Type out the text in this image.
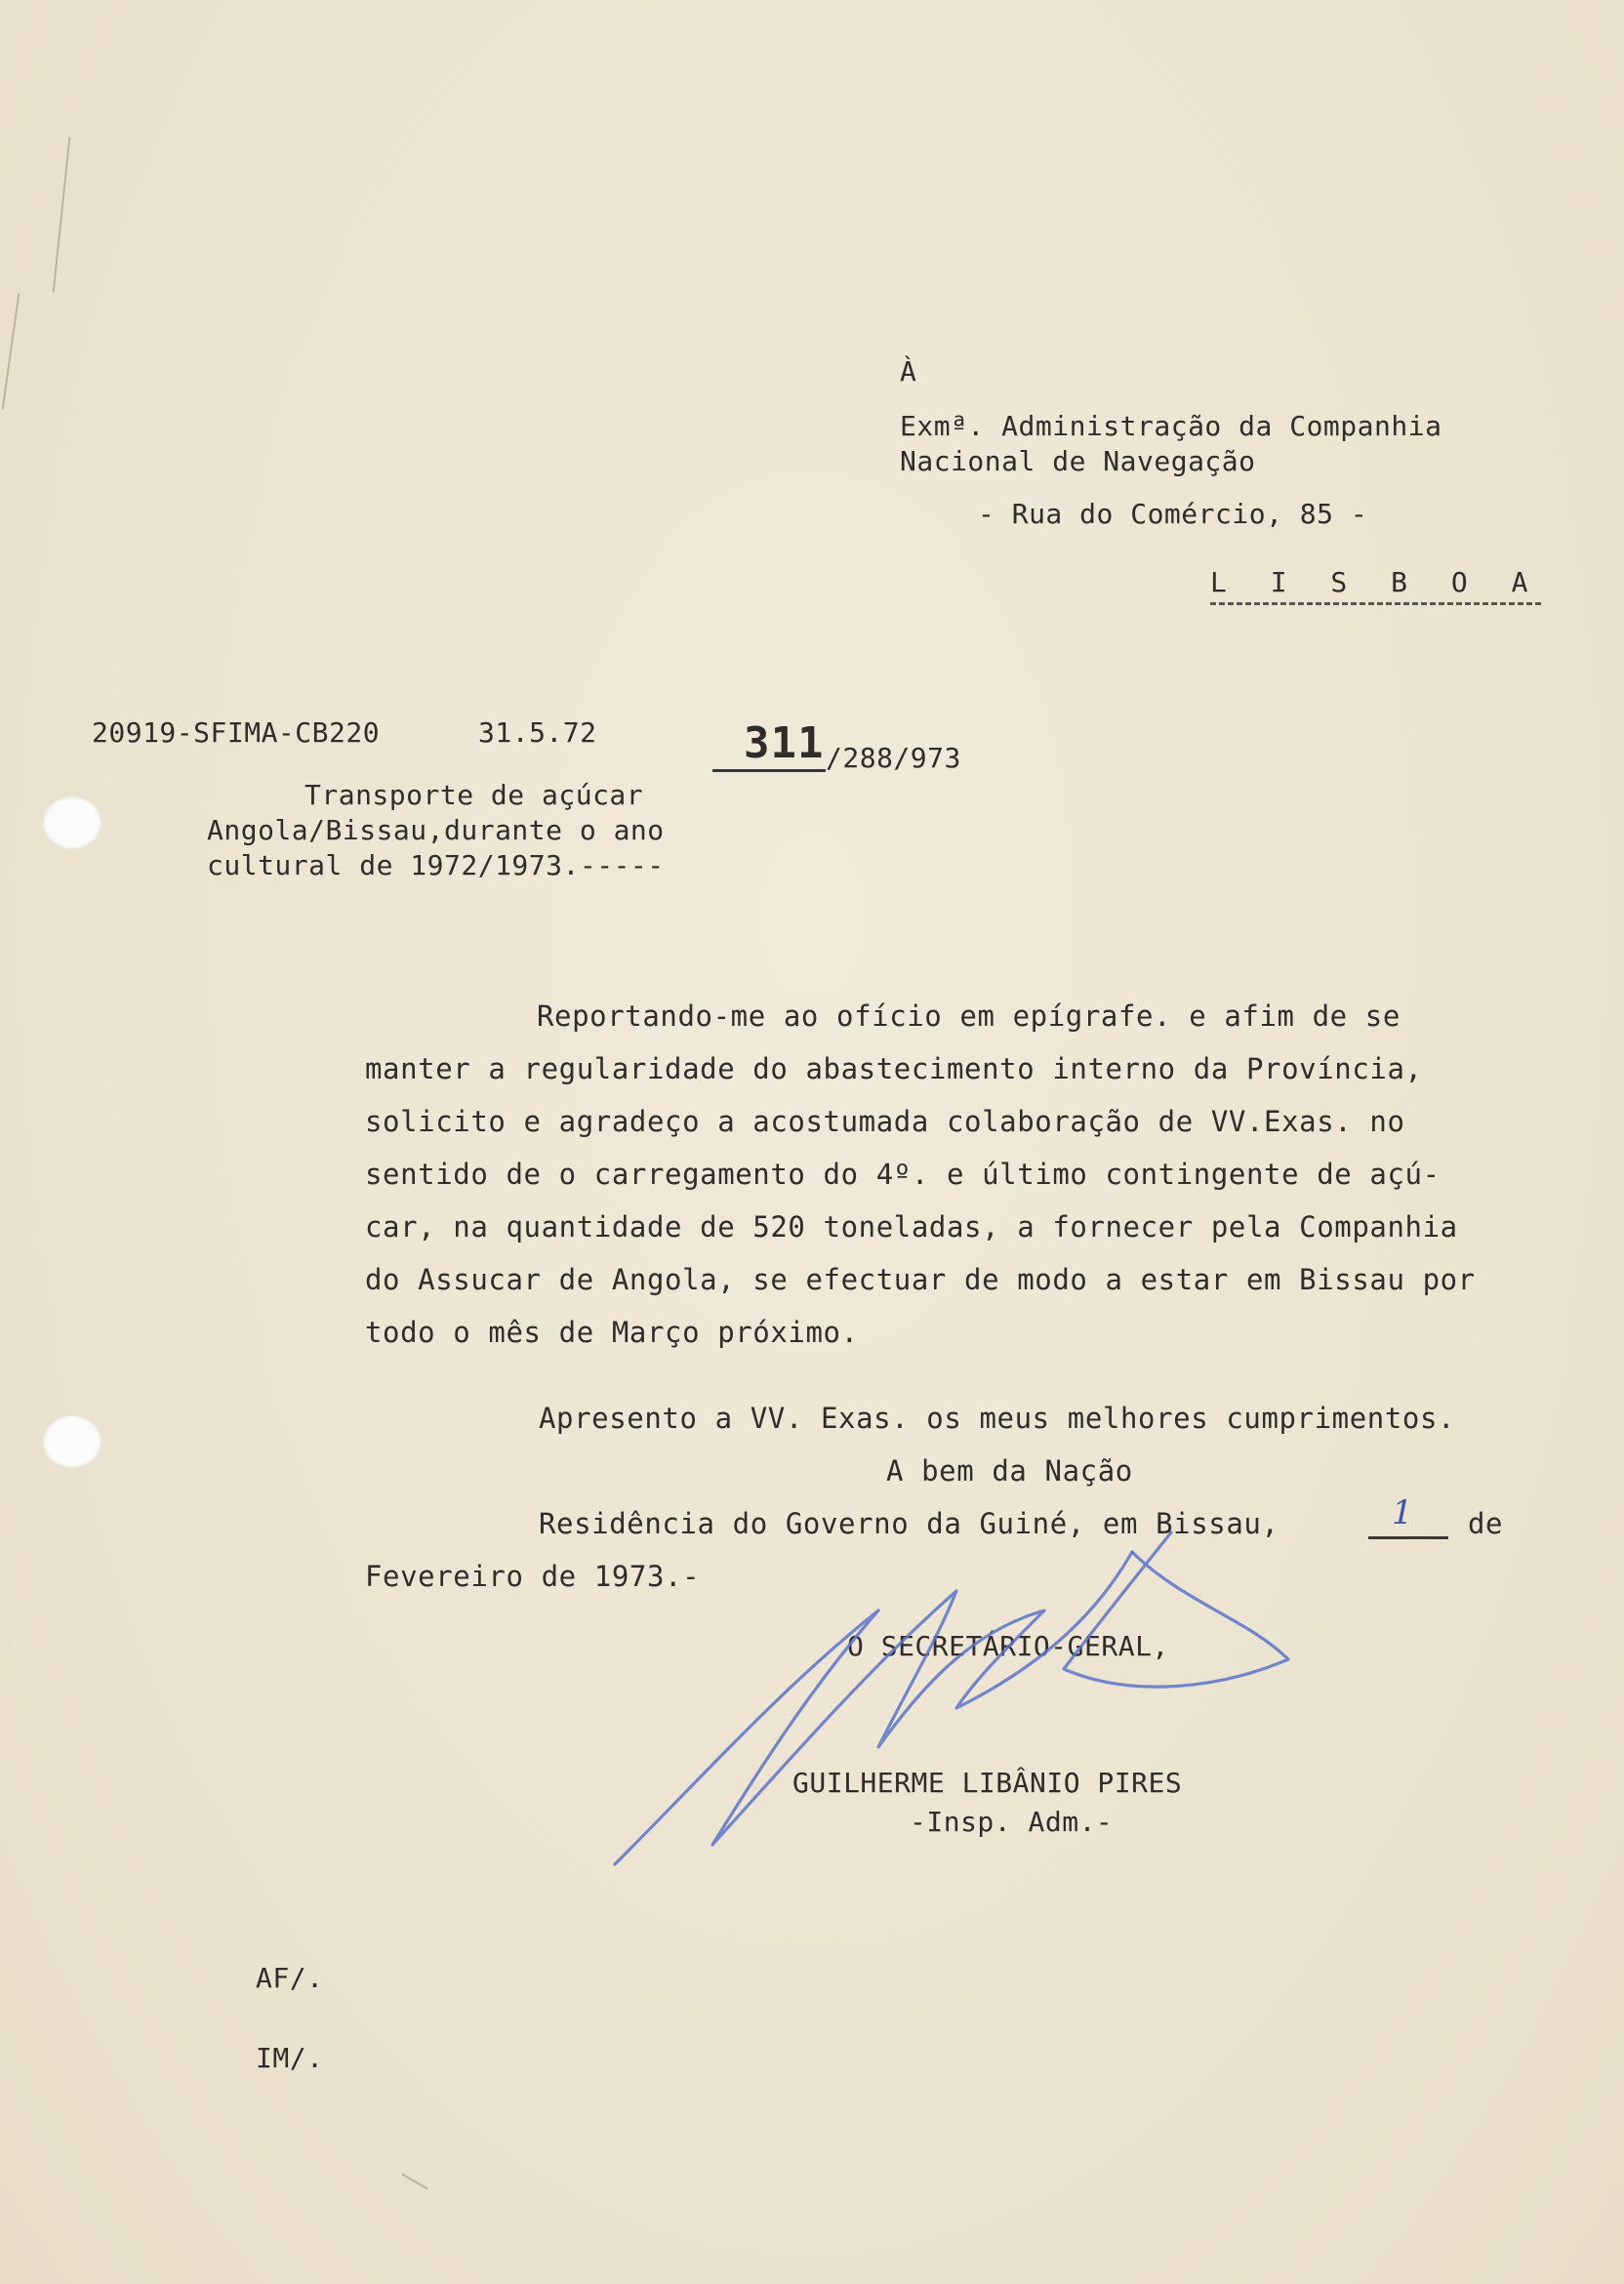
À
Exmª. Administração da Companhia
Nacional de Navegação
- Rua do Comércio, 85 -
L I S B O A
20919-SFIMA-CB220	31.5.72	311 /288/973
Transporte de açúcar
Angola/Bissau,durante o ano
cultural de 1972/1973.-----
Reportando-me ao ofício em epígrafe. e afim de se
manter a regularidade do abastecimento interno da Província,
solicito e agradeço a acostumada colaboração de VV.Exas. no
sentido de o carregamento do 4º. e último contingente de açú-
car, na quantidade de 520 toneladas, a fornecer pela Companhia
do Assucar de Angola, se efectuar de modo a estar em Bissau por
todo o mês de Março próximo.
Apresento a VV. Exas. os meus melhores cumprimentos.
A bem da Nação
Residência do Governo da Guiné, em Bissau,	1 de
Fevereiro de 1973.-
O SECRETÁRIO-GERAL,
GUILHERME LIBÂNIO PIRES
-Insp. Adm.-
AF/.
IM/.
